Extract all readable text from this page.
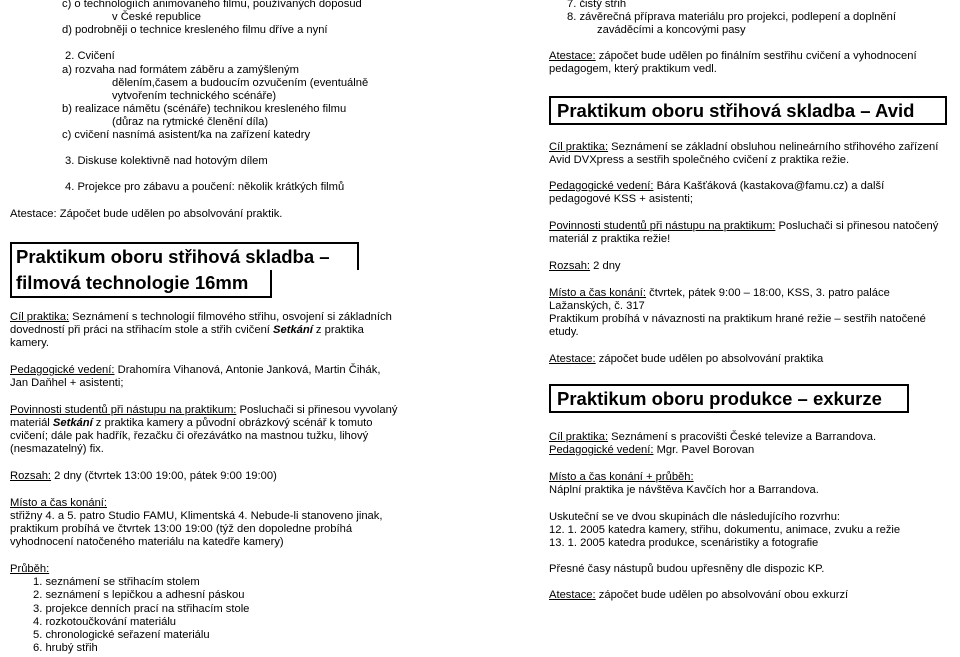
c) o technologiích animovaného filmu, používaných doposud
v České republice
d) podrobněji o technice kresleného filmu dříve a nyní
2. Cvičení
a) rozvaha nad formátem záběru a zamýšleným
dělením,časem a budoucím ozvučením (eventuálně
vytvořením technického scénáře)
b) realizace námětu (scénáře) technikou kresleného filmu
(důraz na rytmické členění díla)
c) cvičení nasnímá asistent/ka na zařízení katedry
3. Diskuse kolektivně nad hotovým dílem
4. Projekce pro zábavu a poučení: několik krátkých filmů
Atestace: Zápočet bude udělen po absolvování praktik.
Praktikum oboru střihová skladba –
filmová technologie 16mm
Cíl praktika: Seznámení s technologií filmového střihu, osvojení si základních
dovedností při práci na střihacím stole a střih cvičení Setkání z praktika
kamery.
Pedagogické vedení: Drahomíra Vihanová, Antonie Janková, Martin Čihák,
Jan Daňhel + asistenti;
Povinnosti studentů při nástupu na praktikum: Posluchači si přinesou vyvolaný
materiál Setkání z praktika kamery a původní obrázkový scénář k tomuto
cvičení; dále pak hadřík, řezačku či ořezávátko na mastnou tužku, lihový
(nesmazatelný) fix.
Rozsah: 2 dny (čtvrtek 13:00 19:00, pátek 9:00 19:00)
Místo a čas konání:
střižny 4. a 5. patro Studio FAMU, Klimentská 4. Nebude-li stanoveno jinak,
praktikum probíhá ve čtvrtek 13:00 19:00 (týž den dopoledne probíhá
vyhodnocení natočeného materiálu na katedře kamery)
Průběh:
1. seznámení se střihacím stolem
2. seznámení s lepičkou a adhesní páskou
3. projekce denních prací na střihacím stole
4. rozkotoučkování materiálu
5. chronologické seřazení materiálu
6. hrubý střih
7. čistý střih
8. závěrečná příprava materiálu pro projekci, podlepení a doplnění
zaváděcími a koncovými pasy
Atestace: zápočet bude udělen po finálním sestřihu cvičení a vyhodnocení
pedagogem, který praktikum vedl.
Praktikum oboru střihová skladba – Avid
Cíl praktika: Seznámení se základní obsluhou nelineárního střihového zařízení
Avid DVXpress a sestřih společného cvičení z praktika režie.
Pedagogické vedení: Bára Kašťáková (kastakova@famu.cz) a další
pedagogové KSS + asistenti;
Povinnosti studentů při nástupu na praktikum: Posluchači si přinesou natočený
materiál z praktika režie!
Rozsah: 2 dny
Místo a čas konání: čtvrtek, pátek 9:00 – 18:00, KSS, 3. patro paláce
Lažanských, č. 317
Praktikum probíhá v návaznosti na praktikum hrané režie – sestřih natočené
etudy.
Atestace: zápočet bude udělen po absolvování praktika
Praktikum oboru produkce – exkurze
Cíl praktika: Seznámení s pracovišti České televize a Barrandova.
Pedagogické vedení: Mgr. Pavel Borovan
Místo a čas konání + průběh:
Náplní praktika je návštěva Kavčích hor a Barrandova.
Uskuteční se ve dvou skupinách dle následujícího rozvrhu:
12. 1. 2005 katedra kamery, střihu, dokumentu, animace, zvuku a režie
13. 1. 2005 katedra produkce, scenáristiky a fotografie
Přesné časy nástupů budou upřesněny dle dispozic KP.
Atestace: zápočet bude udělen po absolvování obou exkurzí
